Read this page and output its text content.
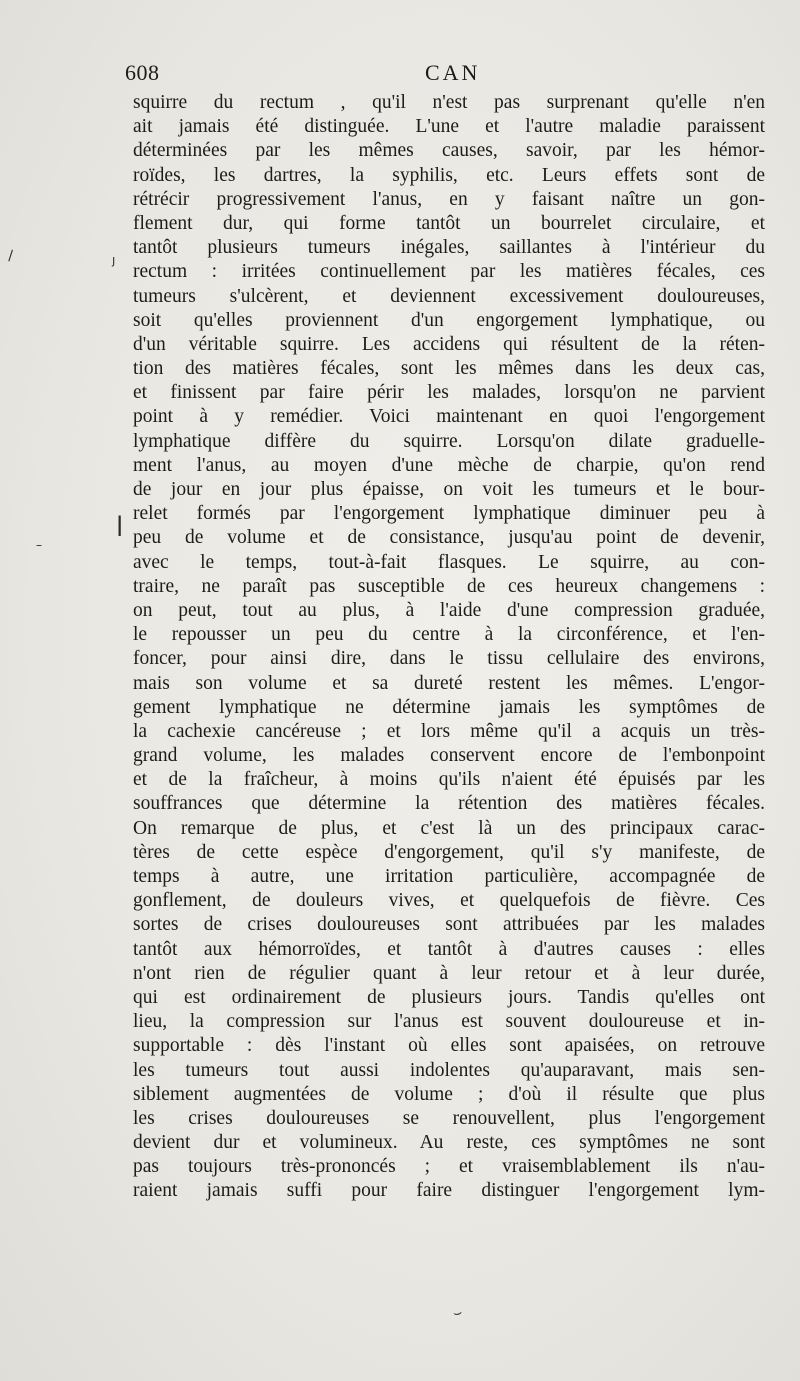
608	CAN
squirre du rectum , qu'il n'est pas surprenant qu'elle n'en
ait jamais été distinguée. L'une et l'autre maladie paraissent
déterminées par les mêmes causes, savoir, par les hémor-
roïdes, les dartres, la syphilis, etc. Leurs effets sont de
rétrécir progressivement l'anus, en y faisant naître un gon-
flement dur, qui forme tantôt un bourrelet circulaire, et
tantôt plusieurs tumeurs inégales, saillantes à l'intérieur du
rectum : irritées continuellement par les matières fécales, ces
tumeurs s'ulcèrent, et deviennent excessivement douloureuses,
soit qu'elles proviennent d'un engorgement lymphatique, ou
d'un véritable squirre. Les accidens qui résultent de la réten-
tion des matières fécales, sont les mêmes dans les deux cas,
et finissent par faire périr les malades, lorsqu'on ne parvient
point à y remédier. Voici maintenant en quoi l'engorgement
lymphatique diffère du squirre. Lorsqu'on dilate graduelle-
ment l'anus, au moyen d'une mèche de charpie, qu'on rend
de jour en jour plus épaisse, on voit les tumeurs et le bour-
relet formés par l'engorgement lymphatique diminuer peu à
peu de volume et de consistance, jusqu'au point de devenir,
avec le temps, tout-à-fait flasques. Le squirre, au con-
traire, ne paraît pas susceptible de ces heureux changemens :
on peut, tout au plus, à l'aide d'une compression graduée,
le repousser un peu du centre à la circonférence, et l'en-
foncer, pour ainsi dire, dans le tissu cellulaire des environs,
mais son volume et sa dureté restent les mêmes. L'engor-
gement lymphatique ne détermine jamais les symptômes de
la cachexie cancéreuse ; et lors même qu'il a acquis un très-
grand volume, les malades conservent encore de l'embonpoint
et de la fraîcheur, à moins qu'ils n'aient été épuisés par les
souffrances que détermine la rétention des matières fécales.
On remarque de plus, et c'est là un des principaux carac-
tères de cette espèce d'engorgement, qu'il s'y manifeste, de
temps à autre, une irritation particulière, accompagnée de
gonflement, de douleurs vives, et quelquefois de fièvre. Ces
sortes de crises douloureuses sont attribuées par les malades
tantôt aux hémorroïdes, et tantôt à d'autres causes : elles
n'ont rien de régulier quant à leur retour et à leur durée,
qui est ordinairement de plusieurs jours. Tandis qu'elles ont
lieu, la compression sur l'anus est souvent douloureuse et in-
supportable : dès l'instant où elles sont apaisées, on retrouve
les tumeurs tout aussi indolentes qu'auparavant, mais sen-
siblement augmentées de volume ; d'où il résulte que plus
les crises douloureuses se renouvellent, plus l'engorgement
devient dur et volumineux. Au reste, ces symptômes ne sont
pas toujours très-prononcés ; et vraisemblablement ils n'au-
raient jamais suffi pour faire distinguer l'engorgement lym-
\	ȷ
|
–
⌣
